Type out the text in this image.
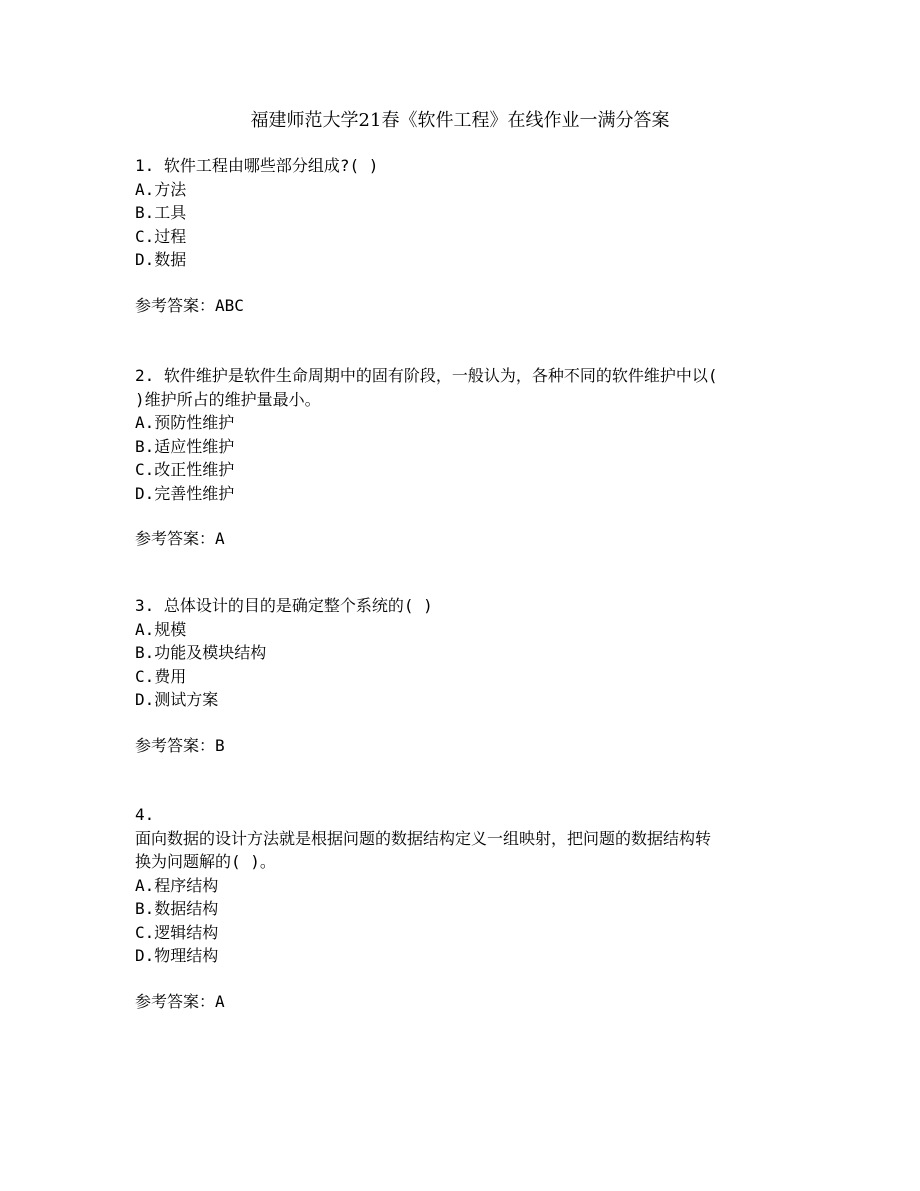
福建师范大学21春《软件工程》在线作业一满分答案
1. 软件工程由哪些部分组成?( )
A.方法
B.工具
C.过程
D.数据
参考答案：ABC
2. 软件维护是软件生命周期中的固有阶段，一般认为，各种不同的软件维护中以(
)维护所占的维护量最小。
A.预防性维护
B.适应性维护
C.改正性维护
D.完善性维护
参考答案：A
3. 总体设计的目的是确定整个系统的( )
A.规模
B.功能及模块结构
C.费用
D.测试方案
参考答案：B
4.
面向数据的设计方法就是根据问题的数据结构定义一组映射，把问题的数据结构转
换为问题解的( )。
A.程序结构
B.数据结构
C.逻辑结构
D.物理结构
参考答案：A
